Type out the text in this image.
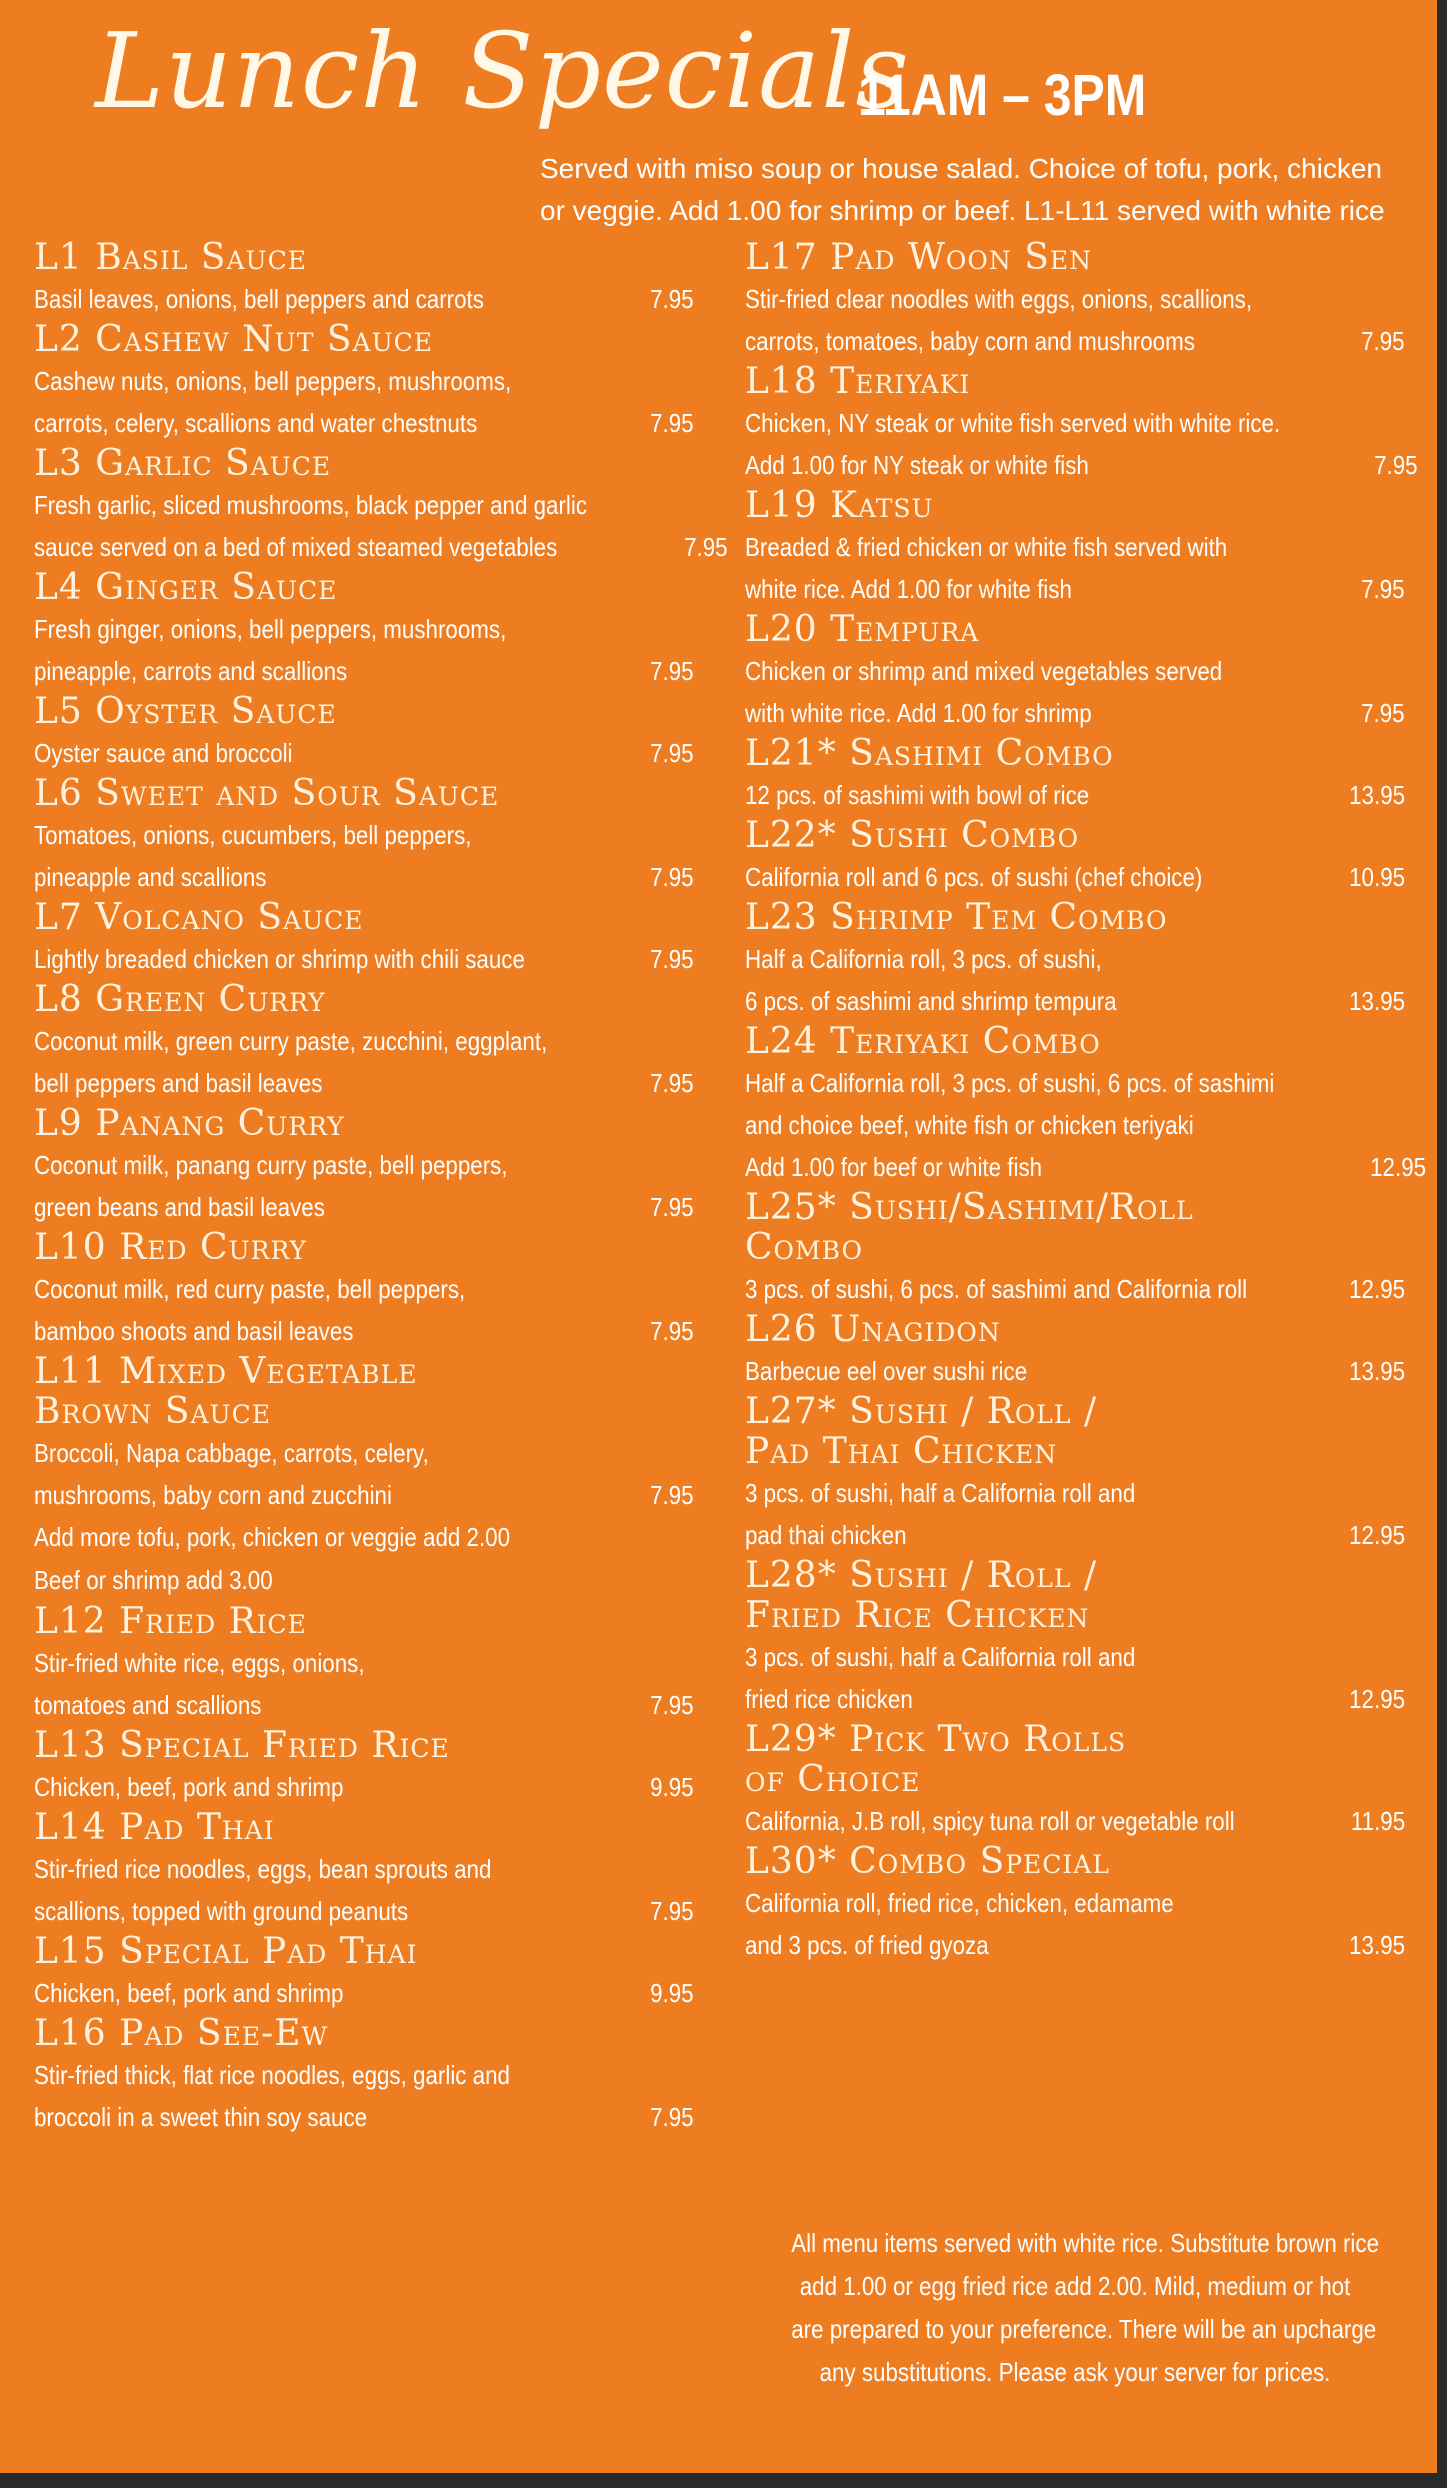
Lunch Specials
11AM – 3PM
Served with miso soup or house salad. Choice of tofu, pork, chicken
or veggie. Add 1.00 for shrimp or beef. L1-L11 served with white rice
L1 Basil Sauce
Basil leaves, onions, bell peppers and carrots	7.95
L2 Cashew Nut Sauce
Cashew nuts, onions, bell peppers, mushrooms,
carrots, celery, scallions and water chestnuts	7.95
L3 Garlic Sauce
Fresh garlic, sliced mushrooms, black pepper and garlic
sauce served on a bed of mixed steamed vegetables	7.95
L4 Ginger Sauce
Fresh ginger, onions, bell peppers, mushrooms,
pineapple, carrots and scallions	7.95
L5 Oyster Sauce
Oyster sauce and broccoli	7.95
L6 Sweet and Sour Sauce
Tomatoes, onions, cucumbers, bell peppers,
pineapple and scallions	7.95
L7 Volcano Sauce
Lightly breaded chicken or shrimp with chili sauce	7.95
L8 Green Curry
Coconut milk, green curry paste, zucchini, eggplant,
bell peppers and basil leaves	7.95
L9 Panang Curry
Coconut milk, panang curry paste, bell peppers,
green beans and basil leaves	7.95
L10 Red Curry
Coconut milk, red curry paste, bell peppers,
bamboo shoots and basil leaves	7.95
L11 Mixed Vegetable
Brown Sauce
Broccoli, Napa cabbage, carrots, celery,
mushrooms, baby corn and zucchini	7.95
Add more tofu, pork, chicken or veggie add 2.00
Beef or shrimp add 3.00
L12 Fried Rice
Stir-fried white rice, eggs, onions,
tomatoes and scallions	7.95
L13 Special Fried Rice
Chicken, beef, pork and shrimp	9.95
L14 Pad Thai
Stir-fried rice noodles, eggs, bean sprouts and
scallions, topped with ground peanuts	7.95
L15 Special Pad Thai
Chicken, beef, pork and shrimp	9.95
L16 Pad See-Ew
Stir-fried thick, flat rice noodles, eggs, garlic and
broccoli in a sweet thin soy sauce	7.95
L17 Pad Woon Sen
Stir-fried clear noodles with eggs, onions, scallions,
carrots, tomatoes, baby corn and mushrooms	7.95
L18 Teriyaki
Chicken, NY steak or white fish served with white rice.
Add 1.00 for NY steak or white fish	7.95
L19 Katsu
Breaded & fried chicken or white fish served with
white rice. Add 1.00 for white fish	7.95
L20 Tempura
Chicken or shrimp and mixed vegetables served
with white rice. Add 1.00 for shrimp	7.95
L21* Sashimi Combo
12 pcs. of sashimi with bowl of rice	13.95
L22* Sushi Combo
California roll and 6 pcs. of sushi (chef choice)	10.95
L23 Shrimp Tem Combo
Half a California roll, 3 pcs. of sushi,
6 pcs. of sashimi and shrimp tempura	13.95
L24 Teriyaki Combo
Half a California roll, 3 pcs. of sushi, 6 pcs. of sashimi
and choice beef, white fish or chicken teriyaki
Add 1.00 for beef or white fish	12.95
L25* Sushi/Sashimi/Roll
Combo
3 pcs. of sushi, 6 pcs. of sashimi and California roll	12.95
L26 Unagidon
Barbecue eel over sushi rice	13.95
L27* Sushi / Roll /
Pad Thai Chicken
3 pcs. of sushi, half a California roll and
pad thai chicken	12.95
L28* Sushi / Roll /
Fried Rice Chicken
3 pcs. of sushi, half a California roll and
fried rice chicken	12.95
L29* Pick Two Rolls
of Choice
California, J.B roll, spicy tuna roll or vegetable roll	11.95
L30* Combo Special
California roll, fried rice, chicken, edamame
and 3 pcs. of fried gyoza	13.95
All menu items served with white rice. Substitute brown rice
add 1.00 or egg fried rice add 2.00. Mild, medium or hot
are prepared to your preference. There will be an upcharge
any substitutions. Please ask your server for prices.
